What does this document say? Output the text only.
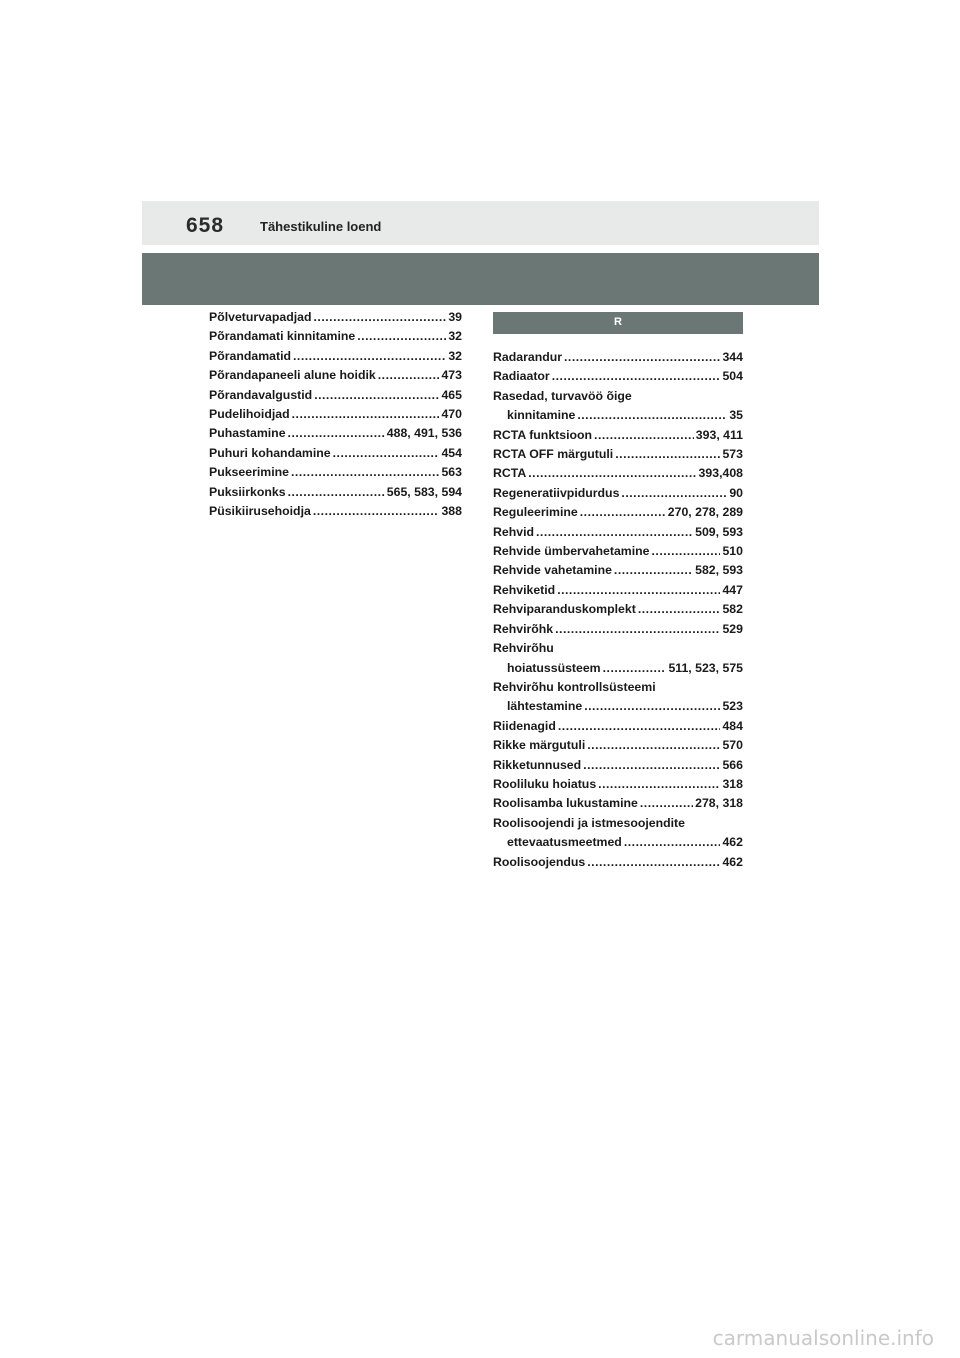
658	Tähestikuline loend
Põlveturvapadjad .....	39
Põrandamati kinnitamine .....	32
Põrandamatid .....	32
Põrandapaneeli alune hoidik .....	473
Põrandavalgustid .....	465
Pudelihoidjad .....	470
Puhastamine .....	488, 491, 536
Puhuri kohandamine .....	454
Pukseerimine .....	563
Puksiirkonks .....	565, 583, 594
Püsikiirusehoidja .....	388
R
Radarandur .....	344
Radiaator .....	504
Rasedad, turvavöö õige
kinnitamine .....	35
RCTA funktsioon .....	393, 411
RCTA OFF märgutuli .....	573
RCTA .....	393,408
Regeneratiivpidurdus .....	90
Reguleerimine .....	270, 278, 289
Rehvid .....	509, 593
Rehvide ümbervahetamine .....	510
Rehvide vahetamine .....	582, 593
Rehviketid .....	447
Rehviparanduskomplekt .....	582
Rehvirõhk .....	529
Rehvirõhu
hoiatussüsteem .....	511, 523, 575
Rehvirõhu kontrollsüsteemi
lähtestamine .....	523
Riidenagid .....	484
Rikke märgutuli .....	570
Rikketunnused .....	566
Rooliluku hoiatus .....	318
Roolisamba lukustamine .....	278, 318
Roolisoojendi ja istmesoojendite
ettevaatusmeetmed .....	462
Roolisoojendus .....	462
carmanualsonline.info
